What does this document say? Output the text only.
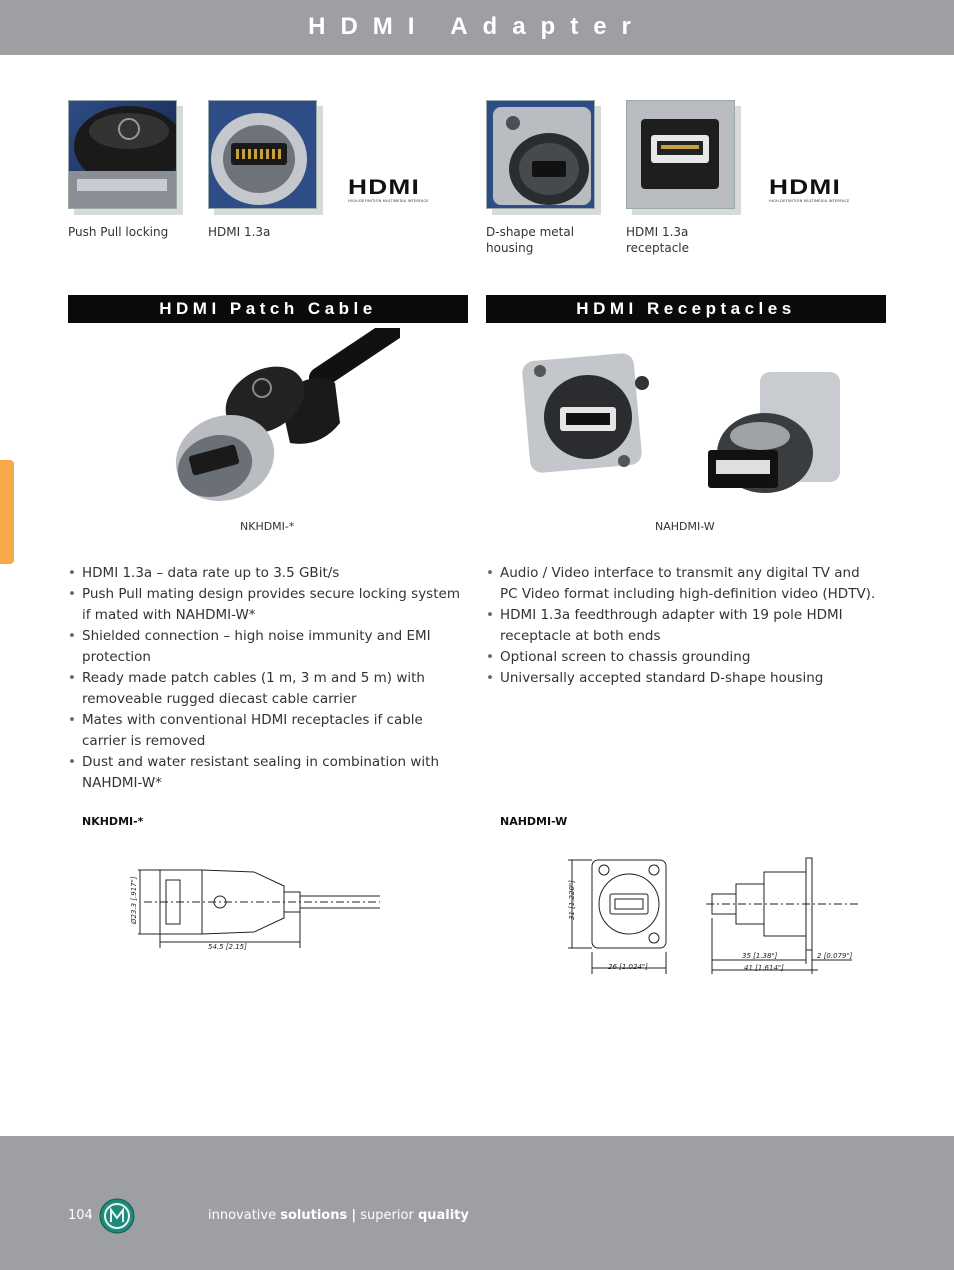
HDMI Adapter
Push Pull locking	HDMI 1.3a	D-shape metal housing
HDMI 1.3a receptacle
HDMI
HIGH-DEFINITION MULTIMEDIA INTERFACE
HDMI
HIGH-DEFINITION MULTIMEDIA INTERFACE
HDMI Patch Cable	HDMI Receptacles
NKHDMI-*	NAHDMI-W
• HDMI 1.3a – data rate up to 3.5 GBit/s
• Push Pull mating design provides secure locking system if mated with NAHDMI-W*
• Shielded connection – high noise immunity and EMI protection
• Ready made patch cables (1 m, 3 m and 5 m) with removeable rugged diecast cable carrier
• Mates with conventional HDMI receptacles if cable carrier is removed
• Dust and water resistant sealing in combination with NAHDMI-W*
• Audio / Video interface to transmit any digital TV and PC Video format including high-definition video (HDTV).
• HDMI 1.3a feedthrough adapter with 19 pole HDMI receptacle at both ends
• Optional screen to chassis grounding
• Universally accepted standard D-shape housing
NKHDMI-*	NAHDMI-W
Ø23.3 [.917"]
54.5 [2.15]
31 [1.220"]
26 [1.024"]
35 [1.38"]
41 [1.614"]
2 [0.079"]
104	innovative solutions | superior quality
